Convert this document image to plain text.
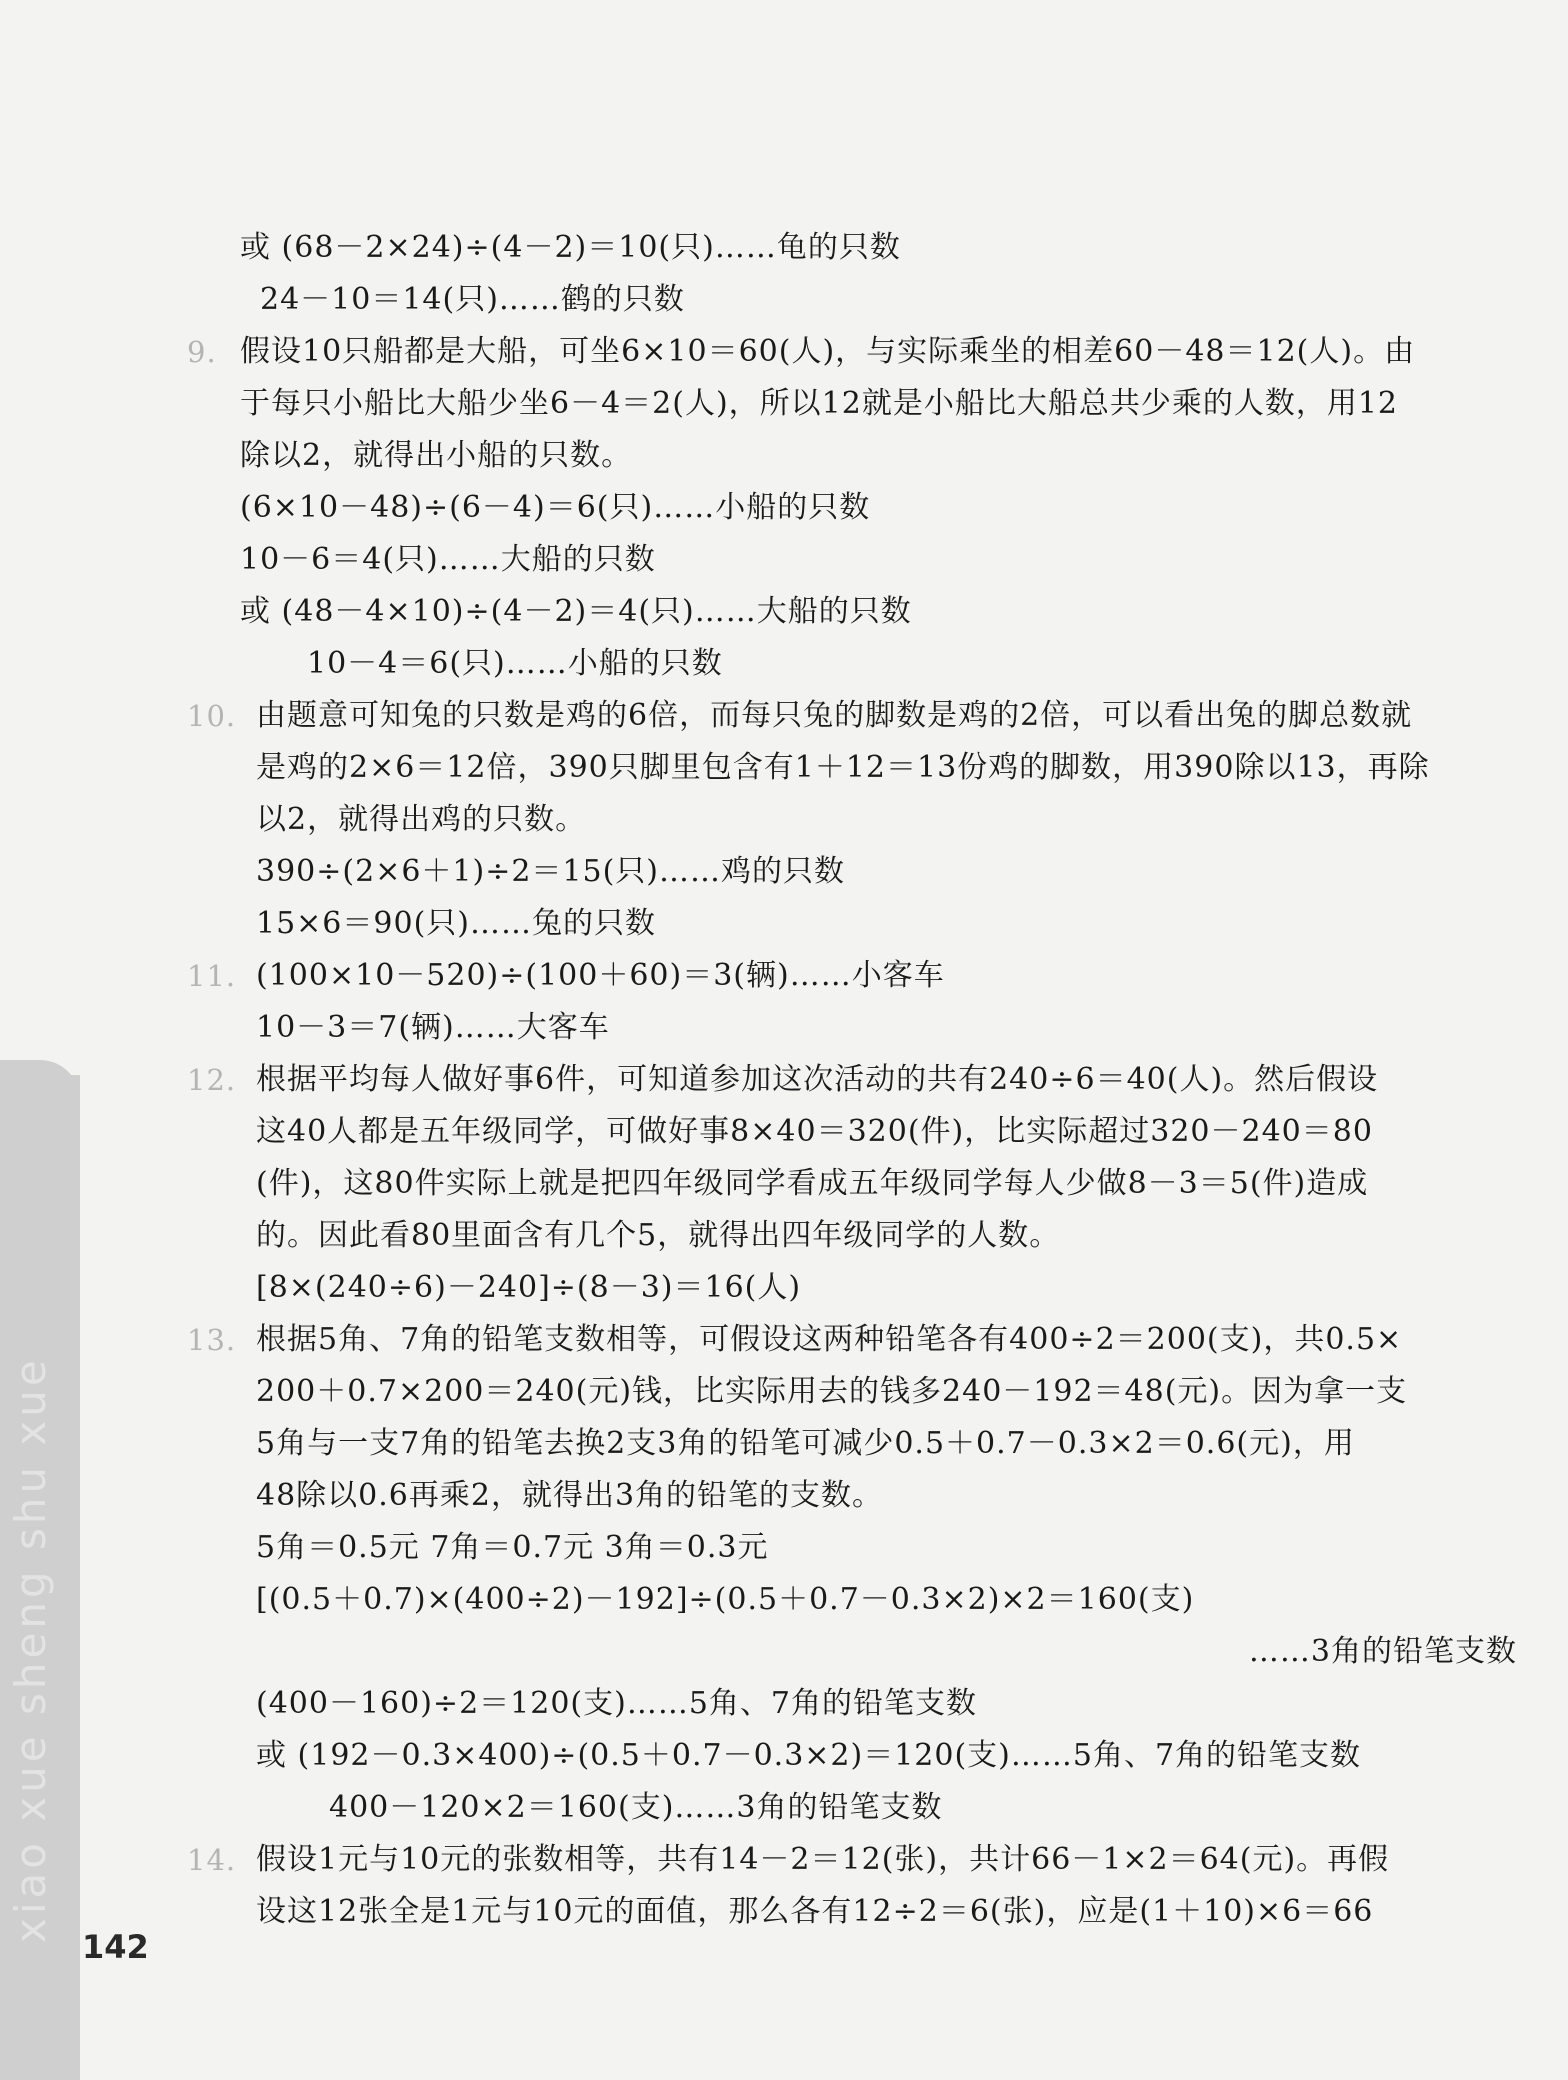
xiao xue sheng shu xue
或 (68－2×24)÷(4－2)＝10(只)……龟的只数
24－10＝14(只)……鹤的只数
9. 假设10只船都是大船，可坐6×10＝60(人)，与实际乘坐的相差60－48＝12(人)。由
于每只小船比大船少坐6－4＝2(人)，所以12就是小船比大船总共少乘的人数，用12
除以2，就得出小船的只数。
(6×10－48)÷(6－4)＝6(只)……小船的只数
10－6＝4(只)……大船的只数
或 (48－4×10)÷(4－2)＝4(只)……大船的只数
10－4＝6(只)……小船的只数
10. 由题意可知兔的只数是鸡的6倍，而每只兔的脚数是鸡的2倍，可以看出兔的脚总数就
是鸡的2×6＝12倍，390只脚里包含有1＋12＝13份鸡的脚数，用390除以13，再除
以2，就得出鸡的只数。
390÷(2×6＋1)÷2＝15(只)……鸡的只数
15×6＝90(只)……兔的只数
11. (100×10－520)÷(100＋60)＝3(辆)……小客车
10－3＝7(辆)……大客车
12. 根据平均每人做好事6件，可知道参加这次活动的共有240÷6＝40(人)。然后假设
这40人都是五年级同学，可做好事8×40＝320(件)，比实际超过320－240＝80
(件)，这80件实际上就是把四年级同学看成五年级同学每人少做8－3＝5(件)造成
的。因此看80里面含有几个5，就得出四年级同学的人数。
[8×(240÷6)－240]÷(8－3)＝16(人)
13. 根据5角、7角的铅笔支数相等，可假设这两种铅笔各有400÷2＝200(支)，共0.5×
200＋0.7×200＝240(元)钱，比实际用去的钱多240－192＝48(元)。因为拿一支
5角与一支7角的铅笔去换2支3角的铅笔可减少0.5＋0.7－0.3×2＝0.6(元)，用
48除以0.6再乘2，就得出3角的铅笔的支数。
5角＝0.5元 7角＝0.7元 3角＝0.3元
[(0.5＋0.7)×(400÷2)－192]÷(0.5＋0.7－0.3×2)×2＝160(支)
……3角的铅笔支数
(400－160)÷2＝120(支)……5角、7角的铅笔支数
或 (192－0.3×400)÷(0.5＋0.7－0.3×2)＝120(支)……5角、7角的铅笔支数
400－120×2＝160(支)……3角的铅笔支数
14. 假设1元与10元的张数相等，共有14－2＝12(张)，共计66－1×2＝64(元)。再假
设这12张全是1元与10元的面值，那么各有12÷2＝6(张)，应是(1＋10)×6＝66
142
